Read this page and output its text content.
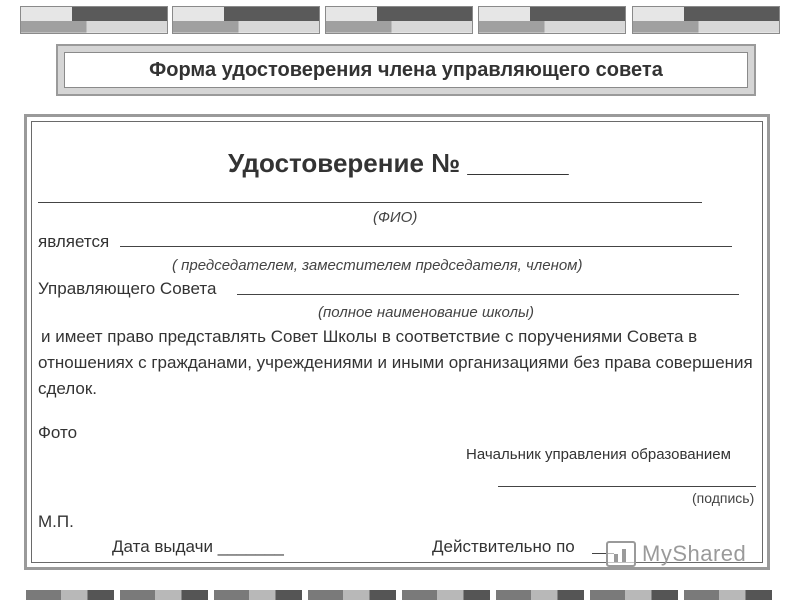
Форма удостоверения члена управляющего совета
Удостоверение № _______
(ФИО)
является
( председателем, заместителем председателя, членом)
Управляющего Совета
(полное наименование школы)
и имеет право представлять Совет Школы в соответствие с поручениями Совета в отношениях с гражданами, учреждениями и иными организациями без права совершения сделок.
Фото
Начальник управления образованием
(подпись)
М.П.
Дата выдачи _______	Действительно по	MyShared
